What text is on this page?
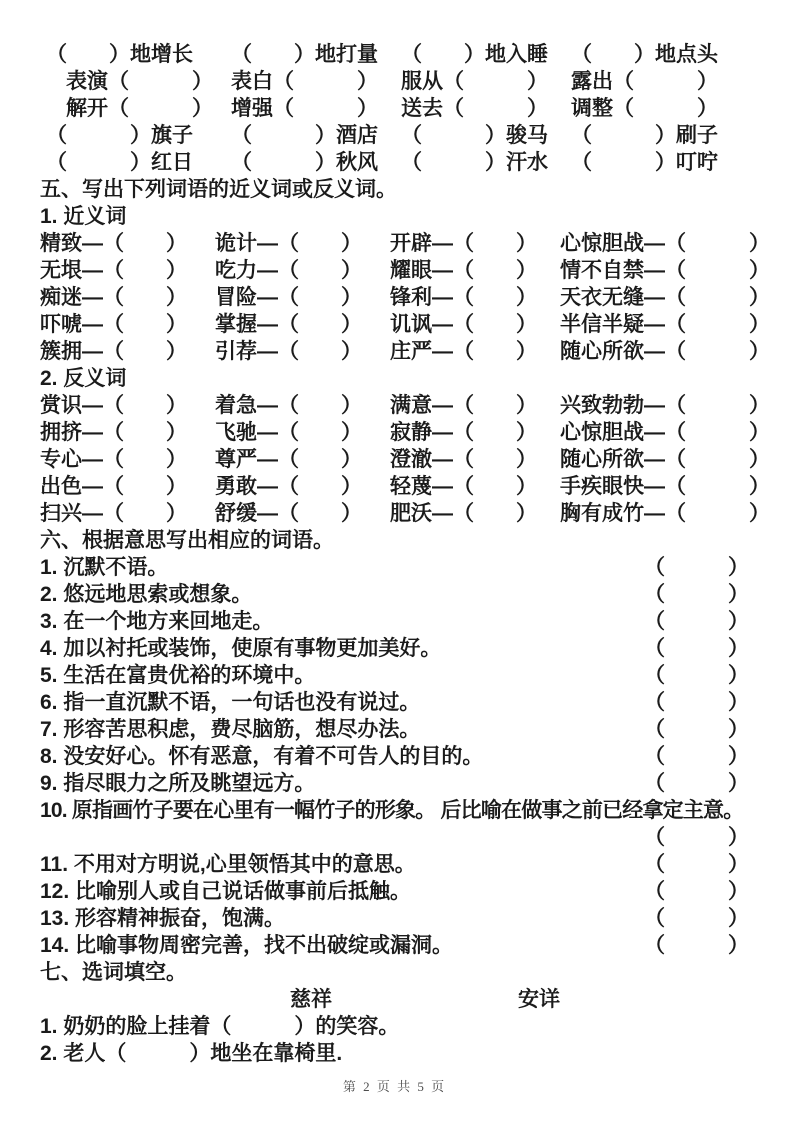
（　　）地增长	（　　）地打量	（　　）地入睡	（　　）地点头
表演（　　　） 表白（　　　）	服从（　　　）	露出（　　　）
解开（　　　） 增强（　　　）	送去（　　　）	调整（　　　）
（　　　）旗子	（　　　）酒店	（　　　）骏马	（　　　）刷子
（　　　）红日	（　　　）秋风	（　　　）汗水	（　　　）叮咛
五、写出下列词语的近义词或反义词。
1. 近义词
精致—（　　）	诡计—（　　）	开辟—（　　）	心惊胆战—（　　　）
无垠—（　　）	吃力—（　　）	耀眼—（　　）	情不自禁—（　　　）
痴迷—（　　）	冒险—（　　）	锋利—（　　）	天衣无缝—（　　　）
吓唬—（　　）	掌握—（　　）	讥讽—（　　）	半信半疑—（　　　）
簇拥—（　　）	引荐—（　　）	庄严—（　　）	随心所欲—（　　　）
2. 反义词
赏识—（　　）	着急—（　　）	满意—（　　）	兴致勃勃—（　　　）
拥挤—（　　）	飞驰—（　　）	寂静—（　　）	心惊胆战—（　　　）
专心—（　　）	尊严—（　　）	澄澈—（　　）	随心所欲—（　　　）
出色—（　　）	勇敢—（　　）	轻蔑—（　　）	手疾眼快—（　　　）
扫兴—（　　）	舒缓—（　　）	肥沃—（　　）	胸有成竹—（　　　）
六、根据意思写出相应的词语。
1. 沉默不语。	（　　　）
2. 悠远地思索或想象。	（　　　）
3. 在一个地方来回地走。	（　　　）
4. 加以衬托或装饰，使原有事物更加美好。	（　　　）
5. 生活在富贵优裕的环境中。	（　　　）
6. 指一直沉默不语，一句话也没有说过。	（　　　）
7. 形容苦思积虑，费尽脑筋，想尽办法。	（　　　）
8. 没安好心。怀有恶意，有着不可告人的目的。	（　　　）
9. 指尽眼力之所及眺望远方。	（　　　）
10. 原指画竹子要在心里有一幅竹子的形象。 后比喻在做事之前已经拿定主意。
（　　　）
11. 不用对方明说,心里领悟其中的意思。	（　　　）
12. 比喻别人或自己说话做事前后抵触。	（　　　）
13. 形容精神振奋，饱满。	（　　　）
14. 比喻事物周密完善，找不出破绽或漏洞。	（　　　）
七、选词填空。
慈祥	安详
1. 奶奶的脸上挂着（　　　）的笑容。
2. 老人（　　　）地坐在靠椅里.
第 2 页 共 5 页
